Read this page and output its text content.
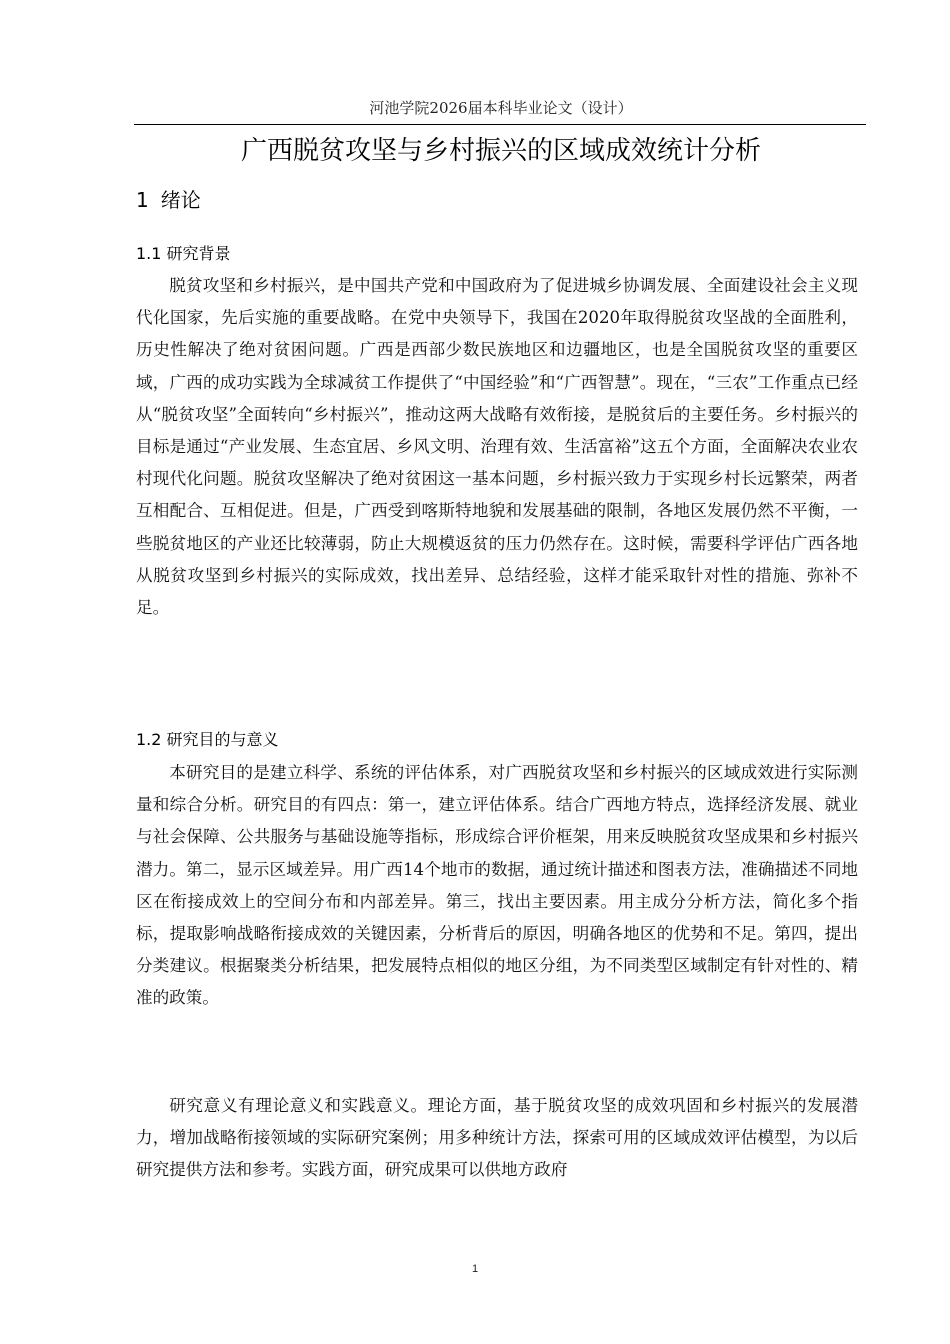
河池学院2026届本科毕业论文（设计）
广西脱贫攻坚与乡村振兴的区域成效统计分析
1 绪论
1.1 研究背景

脱贫攻坚和乡村振兴，是中国共产党和中国政府为了促进城乡协调发展、全面建设社会主义现代化国家，先后实施的重要战略。在党中央领导下，我国在2020年取得脱贫攻坚战的全面胜利，历史性解决了绝对贫困问题。广西是西部少数民族地区和边疆地区，也是全国脱贫攻坚的重要区域，广西的成功实践为全球减贫工作提供了“中国经验”和“广西智慧”。现在，“三农”工作重点已经从“脱贫攻坚”全面转向“乡村振兴”，推动这两大战略有效衔接，是脱贫后的主要任务。乡村振兴的目标是通过“产业发展、生态宜居、乡风文明、治理有效、生活富裕”这五个方面，全面解决农业农村现代化问题。脱贫攻坚解决了绝对贫困这一基本问题，乡村振兴致力于实现乡村长远繁荣，两者互相配合、互相促进。但是，广西受到喀斯特地貌和发展基础的限制，各地区发展仍然不平衡，一些脱贫地区的产业还比较薄弱，防止大规模返贫的压力仍然存在。这时候，需要科学评估广西各地从脱贫攻坚到乡村振兴的实际成效，找出差异、总结经验，这样才能采取针对性的措施、弥补不足。

1.2 研究目的与意义

本研究目的是建立科学、系统的评估体系，对广西脱贫攻坚和乡村振兴的区域成效进行实际测量和综合分析。研究目的有四点：第一，建立评估体系。结合广西地方特点，选择经济发展、就业与社会保障、公共服务与基础设施等指标，形成综合评价框架，用来反映脱贫攻坚成果和乡村振兴潜力。第二，显示区域差异。用广西14个地市的数据，通过统计描述和图表方法，准确描述不同地区在衔接成效上的空间分布和内部差异。第三，找出主要因素。用主成分分析方法，简化多个指标，提取影响战略衔接成效的关键因素，分析背后的原因，明确各地区的优势和不足。第四，提出分类建议。根据聚类分析结果，把发展特点相似的地区分组，为不同类型区域制定有针对性的、精准的政策。

研究意义有理论意义和实践意义。理论方面，基于脱贫攻坚的成效巩固和乡村振兴的发展潜力，增加战略衔接领域的实际研究案例；用多种统计方法，探索可用的区域成效评估模型，为以后研究提供方法和参考。实践方面，研究成果可以供地方政府

1
